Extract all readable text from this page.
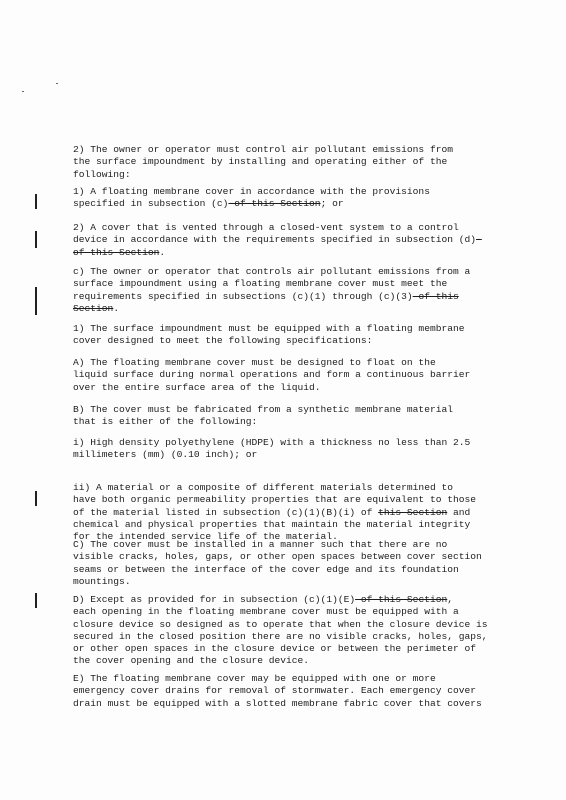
2) The owner or operator must control air pollutant emissions from
the surface impoundment by installing and operating either of the
following:
1) A floating membrane cover in accordance with the provisions
specified in subsection (c)-of this Section; or
2) A cover that is vented through a closed-vent system to a control
device in accordance with the requirements specified in subsection (d)-
of this Section.
c) The owner or operator that controls air pollutant emissions from a
surface impoundment using a floating membrane cover must meet the
requirements specified in subsections (c)(1) through (c)(3) of this
Section.
1) The surface impoundment must be equipped with a floating membrane
cover designed to meet the following specifications:
A) The floating membrane cover must be designed to float on the
liquid surface during normal operations and form a continuous barrier
over the entire surface area of the liquid.
B) The cover must be fabricated from a synthetic membrane material
that is either of the following:
i) High density polyethylene (HDPE) with a thickness no less than 2.5
millimeters (mm) (0.10 inch); or
ii) A material or a composite of different materials determined to
have both organic permeability properties that are equivalent to those
of the material listed in subsection (c)(1)(B)(i) of this Section and
chemical and physical properties that maintain the material integrity
for the intended service life of the material.
C) The cover must be installed in a manner such that there are no
visible cracks, holes, gaps, or other open spaces between cover section
seams or between the interface of the cover edge and its foundation
mountings.
D) Except as provided for in subsection (c)(1)(E) of this Section,
each opening in the floating membrane cover must be equipped with a
closure device so designed as to operate that when the closure device is
secured in the closed position there are no visible cracks, holes, gaps,
or other open spaces in the closure device or between the perimeter of
the cover opening and the closure device.
E) The floating membrane cover may be equipped with one or more
emergency cover drains for removal of stormwater. Each emergency cover
drain must be equipped with a slotted membrane fabric cover that covers
